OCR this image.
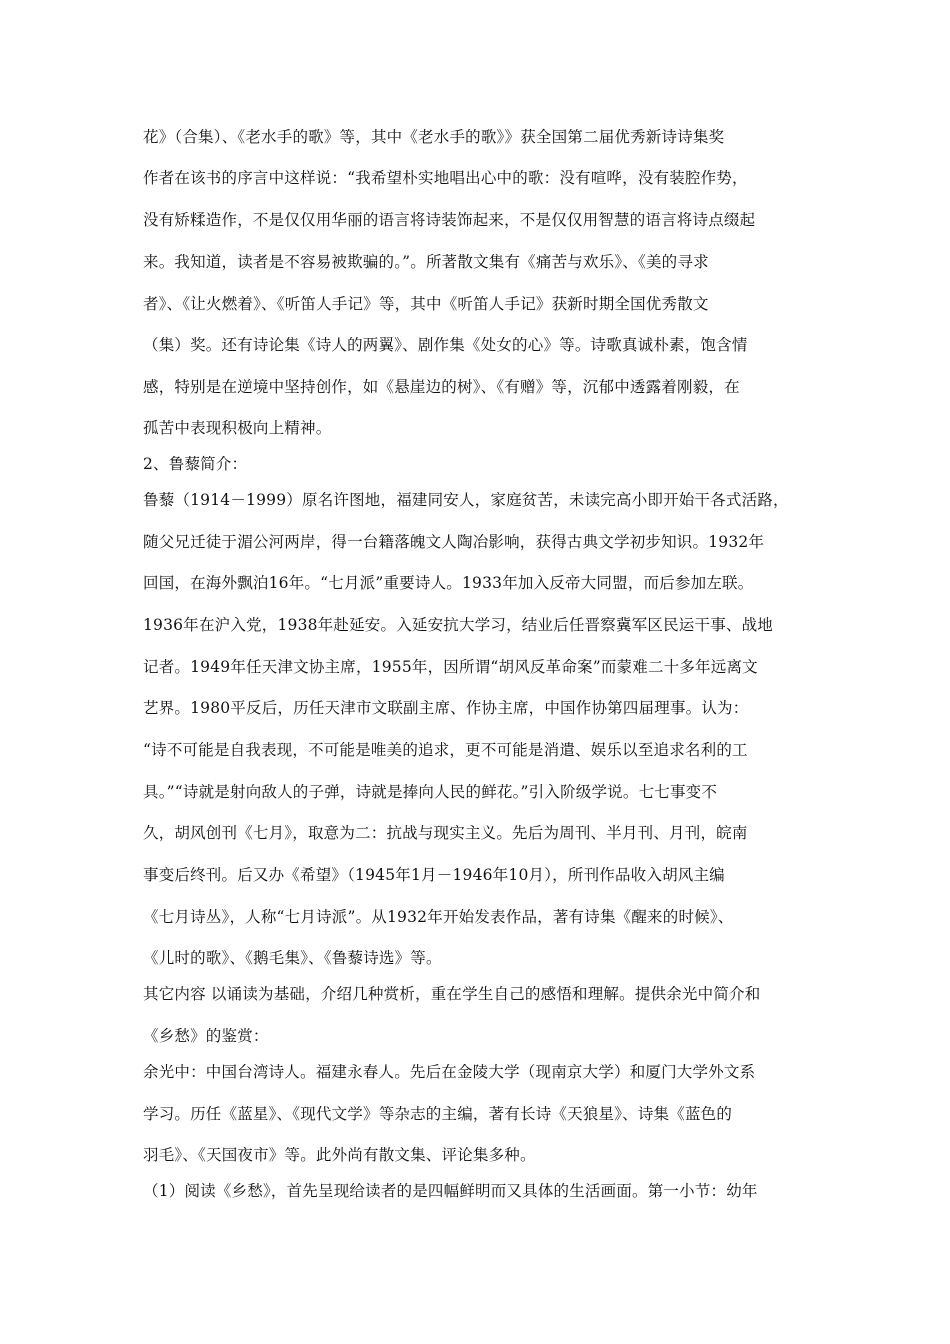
花》（合集）、《老水手的歌》等，其中《老水手的歌》》获全国第二届优秀新诗诗集奖
作者在该书的序言中这样说：“我希望朴实地唱出心中的歌：没有喧哗，没有装腔作势，
没有矫糅造作，不是仅仅用华丽的语言将诗装饰起来，不是仅仅用智慧的语言将诗点缀起
来。我知道，读者是不容易被欺骗的。”。所著散文集有《痛苦与欢乐》、《美的寻求
者》、《让火燃着》、《听笛人手记》等，其中《听笛人手记》获新时期全国优秀散文
（集）奖。还有诗论集《诗人的两翼》、剧作集《处女的心》等。诗歌真诚朴素，饱含情
感，特别是在逆境中坚持创作，如《悬崖边的树》、《有赠》等，沉郁中透露着刚毅，在
孤苦中表现积极向上精神。
2、鲁藜简介：
鲁藜（1914－1999）原名许图地，福建同安人，家庭贫苦，未读完高小即开始干各式活路，
随父兄迁徒于湄公河两岸，得一台籍落魄文人陶冶影响，获得古典文学初步知识。1932年
回国，在海外飘泊16年。“七月派”重要诗人。1933年加入反帝大同盟，而后参加左联。
1936年在沪入党，1938年赴延安。入延安抗大学习，结业后任晋察冀军区民运干事、战地
记者。1949年任天津文协主席，1955年，因所谓“胡风反革命案”而蒙难二十多年远离文
艺界。1980平反后，历任天津市文联副主席、作协主席，中国作协第四届理事。认为：
“诗不可能是自我表现，不可能是唯美的追求，更不可能是消遣、娱乐以至追求名利的工
具。”“诗就是射向敌人的子弹，诗就是捧向人民的鲜花。”引入阶级学说。七七事变不
久，胡风创刊《七月》，取意为二：抗战与现实主义。先后为周刊、半月刊、月刊，皖南
事变后终刊。后又办《希望》（1945年1月－1946年10月），所刊作品收入胡风主编
《七月诗丛》，人称“七月诗派”。从1932年开始发表作品，著有诗集《醒来的时候》、
《儿时的歌》、《鹅毛集》、《鲁藜诗选》等。
其它内容 以诵读为基础，介绍几种赏析，重在学生自己的感悟和理解。提供余光中简介和
《乡愁》的鉴赏：
余光中：中国台湾诗人。福建永春人。先后在金陵大学（现南京大学）和厦门大学外文系
学习。历任《蓝星》、《现代文学》等杂志的主编，著有长诗《天狼星》、诗集《蓝色的
羽毛》、《天国夜市》等。此外尚有散文集、评论集多种。
（1）阅读《乡愁》，首先呈现给读者的是四幅鲜明而又具体的生活画面。第一小节：幼年
